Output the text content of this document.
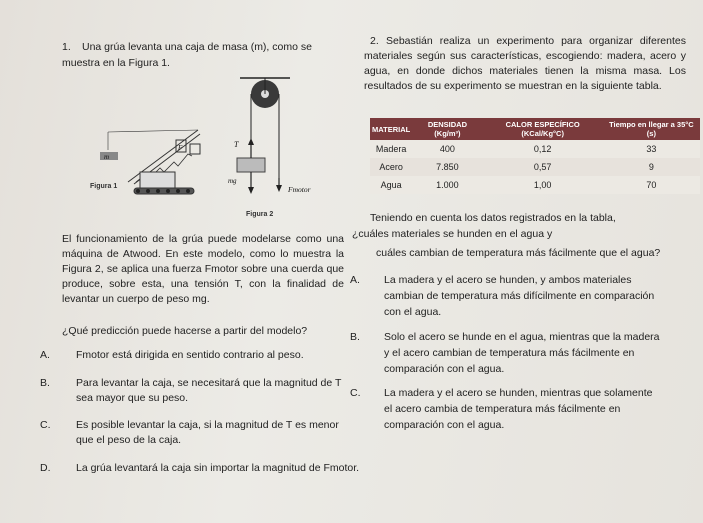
1. Una grúa levanta una caja de masa (m), como se
muestra en la Figura 1.
m
F
Figura 1
T
mg
Fmotor
Figura 2
El funcionamiento de la grúa puede modelarse como una máquina de Atwood. En este modelo, como lo muestra la Figura 2, se aplica una fuerza Fmotor sobre una cuerda que produce, sobre esta, una tensión T, con la finalidad de levantar un cuerpo de peso mg.
¿Qué predicción puede hacerse a partir del modelo?
A. Fmotor está dirigida en sentido contrario al peso.
B. Para levantar la caja, se necesitará que la magnitud de T
sea mayor que su peso.
C. Es posible levantar la caja, si la magnitud de T es menor
que el peso de la caja.
D. La grúa levantará la caja sin importar la magnitud de Fmotor.
2. Sebastián realiza un experimento para organizar diferentes materiales según sus características, escogiendo: madera, acero y agua, en donde dichos materiales tienen la misma masa. Los resultados de su experimento se muestran en la siguiente tabla.
MATERIAL	DENSIDAD (Kg/m³)	CALOR ESPECÍFICO (KCal/Kg°C)	Tiempo en llegar a 35°C (s)
Madera	400	0,12	33
Acero	7.850	0,57	9
Agua	1.000	1,00	70
Teniendo en cuenta los datos registrados en la tabla,
¿cuáles materiales se hunden en el agua y
cuáles cambian de temperatura más fácilmente que el agua?
A. La madera y el acero se hunden, y ambos materiales
cambian de temperatura más difícilmente en comparación
con el agua.
B. Solo el acero se hunde en el agua, mientras que la madera
y el acero cambian de temperatura más fácilmente en
comparación con el agua.
C. La madera y el acero se hunden, mientras que solamente
el acero cambia de temperatura más fácilmente en
comparación con el agua.
